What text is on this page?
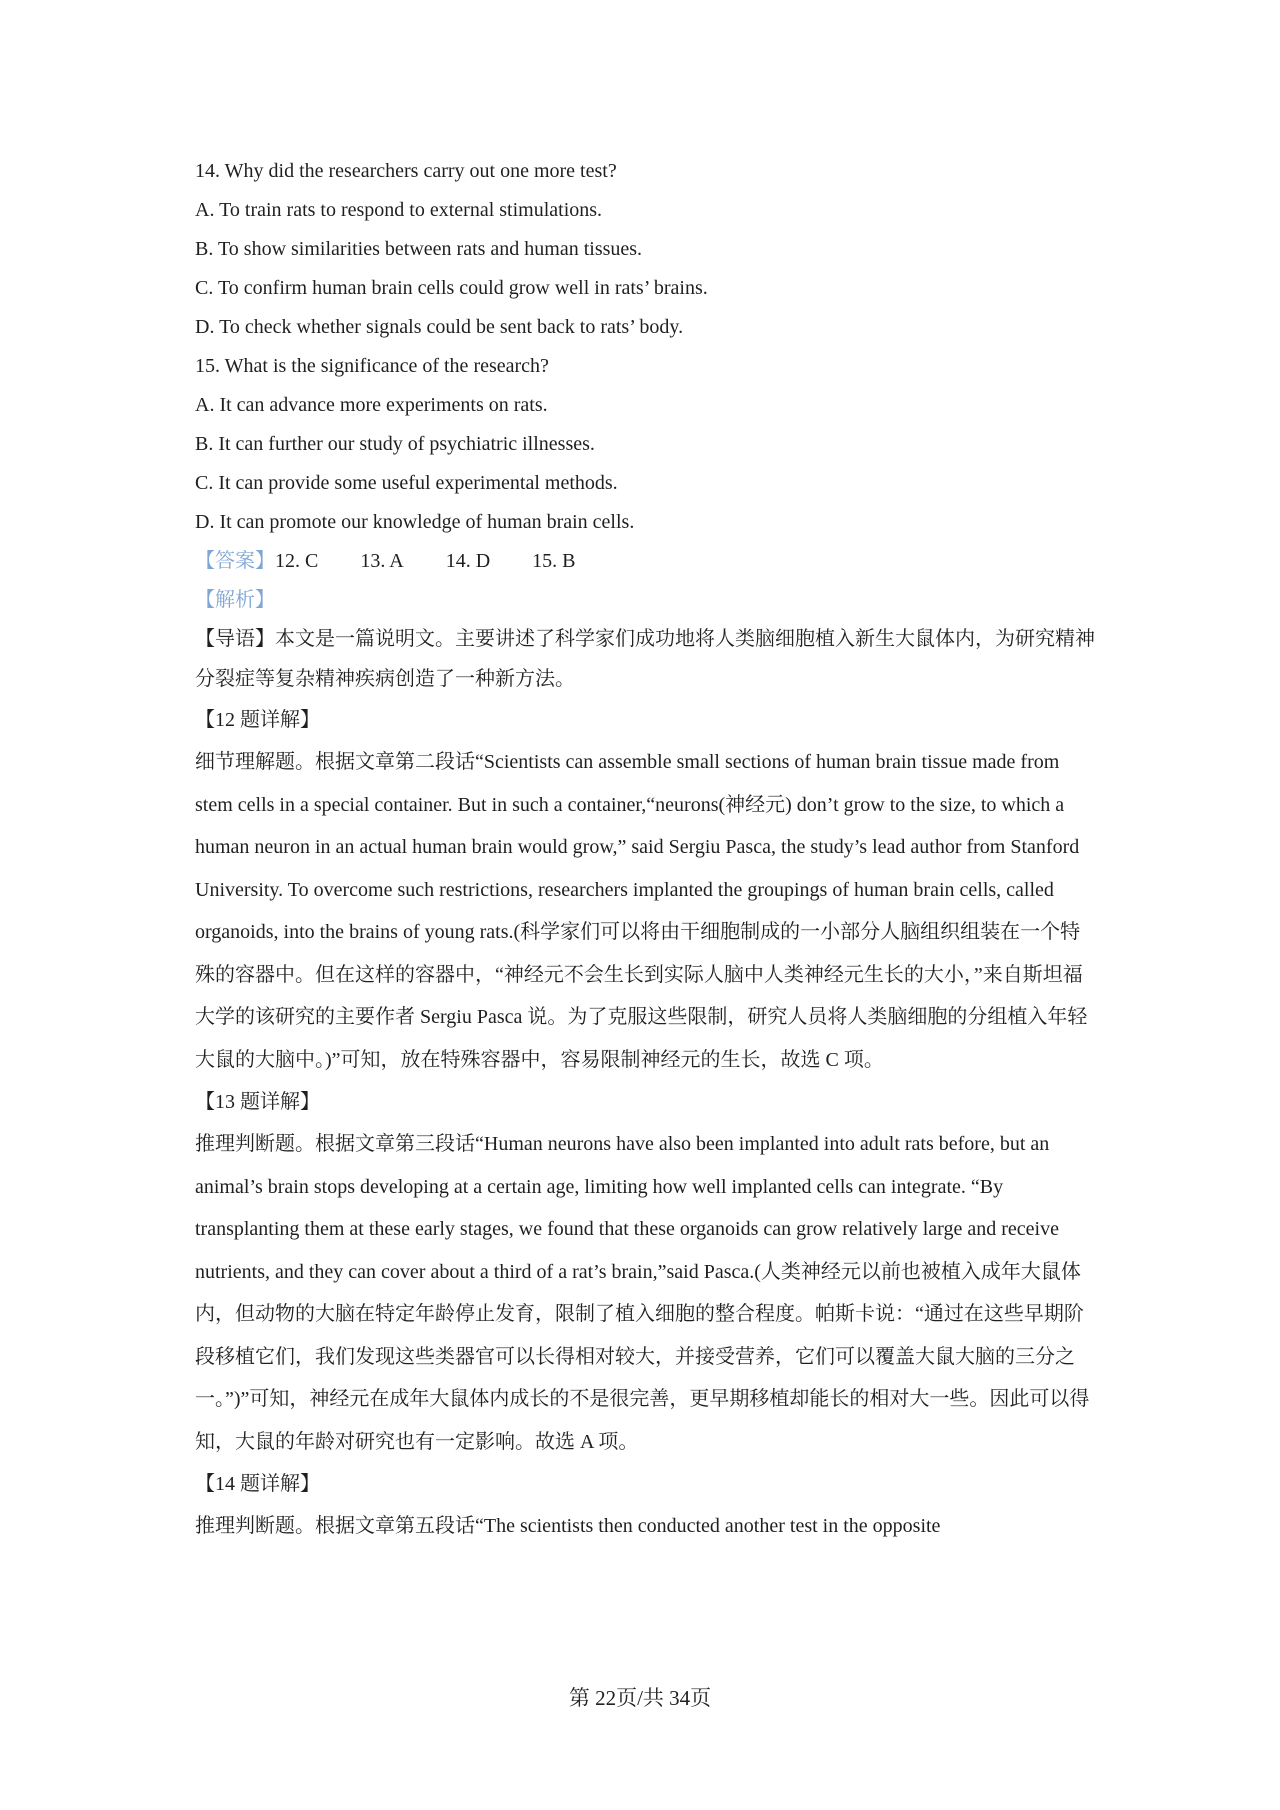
14. Why did the researchers carry out one more test?
A. To train rats to respond to external stimulations.
B. To show similarities between rats and human tissues.
C. To confirm human brain cells could grow well in rats’ brains.
D. To check whether signals could be sent back to rats’ body.
15. What is the significance of the research?
A. It can advance more experiments on rats.
B. It can further our study of psychiatric illnesses.
C. It can provide some useful experimental methods.
D. It can promote our knowledge of human brain cells.
【答案】12. C 13. A 14. D 15. B
【解析】
【导语】本文是一篇说明文。主要讲述了科学家们成功地将人类脑细胞植入新生大鼠体内，为研究精神分裂症等复杂精神疾病创造了一种新方法。
【12 题详解】
细节理解题。根据文章第二段话“Scientists can assemble small sections of human brain tissue made from stem cells in a special container. But in such a container,“neurons(神经元) don’t grow to the size, to which a human neuron in an actual human brain would grow,” said Sergiu Pasca, the study’s lead author from Stanford University. To overcome such restrictions, researchers implanted the groupings of human brain cells, called organoids, into the brains of young rats.(科学家们可以将由干细胞制成的一小部分人脑组织组装在一个特殊的容器中。但在这样的容器中，“神经元不会生长到实际人脑中人类神经元生长的大小，”来自斯坦福大学的该研究的主要作者 Sergiu Pasca 说。为了克服这些限制，研究人员将人类脑细胞的分组植入年轻大鼠的大脑中。)”可知，放在特殊容器中，容易限制神经元的生长，故选 C 项。
【13 题详解】
推理判断题。根据文章第三段话“Human neurons have also been implanted into adult rats before, but an animal’s brain stops developing at a certain age, limiting how well implanted cells can integrate. “By transplanting them at these early stages, we found that these organoids can grow relatively large and receive nutrients, and they can cover about a third of a rat’s brain,”said Pasca.(人类神经元以前也被植入成年大鼠体内，但动物的大脑在特定年龄停止发育，限制了植入细胞的整合程度。帕斯卡说：“通过在这些早期阶段移植它们，我们发现这些类器官可以长得相对较大，并接受营养，它们可以覆盖大鼠大脑的三分之一。”)”可知，神经元在成年大鼠体内成长的不是很完善，更早期移植却能长的相对大一些。因此可以得知，大鼠的年龄对研究也有一定影响。故选 A 项。
【14 题详解】
推理判断题。根据文章第五段话“The scientists then conducted another test in the opposite
第 22页/共 34页
